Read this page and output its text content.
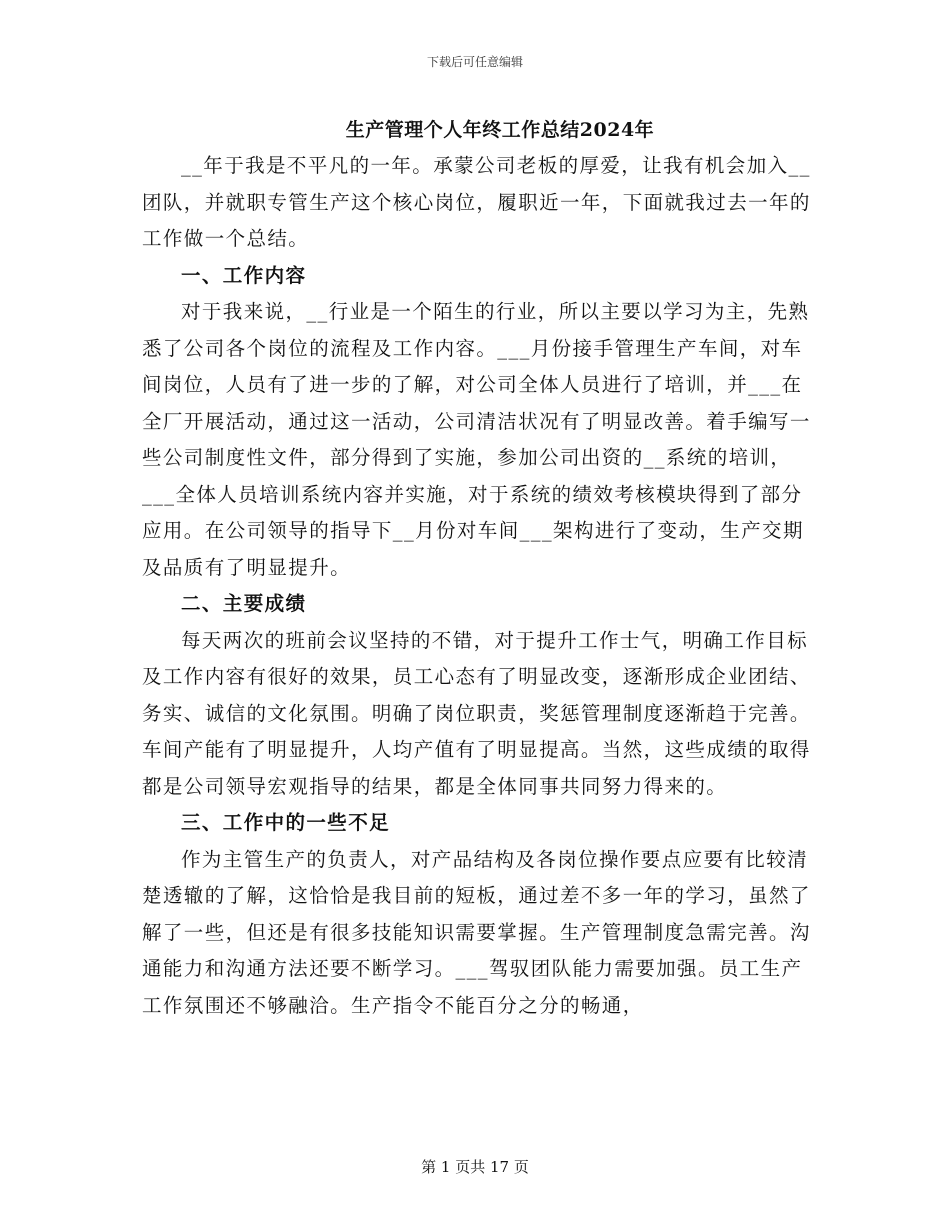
下载后可任意编辑
生产管理个人年终工作总结2024年

__年于我是不平凡的一年。承蒙公司老板的厚爱，让我有机会加入__团队，并就职专管生产这个核心岗位，履职近一年，下面就我过去一年的工作做一个总结。

一、工作内容

对于我来说，__行业是一个陌生的行业，所以主要以学习为主，先熟悉了公司各个岗位的流程及工作内容。___月份接手管理生产车间，对车间岗位，人员有了进一步的了解，对公司全体人员进行了培训，并___在全厂开展活动，通过这一活动，公司清洁状况有了明显改善。着手编写一些公司制度性文件，部分得到了实施，参加公司出资的__系统的培训，___全体人员培训系统内容并实施，对于系统的绩效考核模块得到了部分应用。在公司领导的指导下__月份对车间___架构进行了变动，生产交期及品质有了明显提升。

二、主要成绩

每天两次的班前会议坚持的不错，对于提升工作士气，明确工作目标及工作内容有很好的效果，员工心态有了明显改变，逐渐形成企业团结、务实、诚信的文化氛围。明确了岗位职责，奖惩管理制度逐渐趋于完善。车间产能有了明显提升，人均产值有了明显提高。当然，这些成绩的取得都是公司领导宏观指导的结果，都是全体同事共同努力得来的。

三、工作中的一些不足

作为主管生产的负责人，对产品结构及各岗位操作要点应要有比较清楚透辙的了解，这恰恰是我目前的短板，通过差不多一年的学习，虽然了解了一些，但还是有很多技能知识需要掌握。生产管理制度急需完善。沟通能力和沟通方法还要不断学习。___驾驭团队能力需要加强。员工生产工作氛围还不够融洽。生产指令不能百分之分的畅通，

第 1 页共 17 页
